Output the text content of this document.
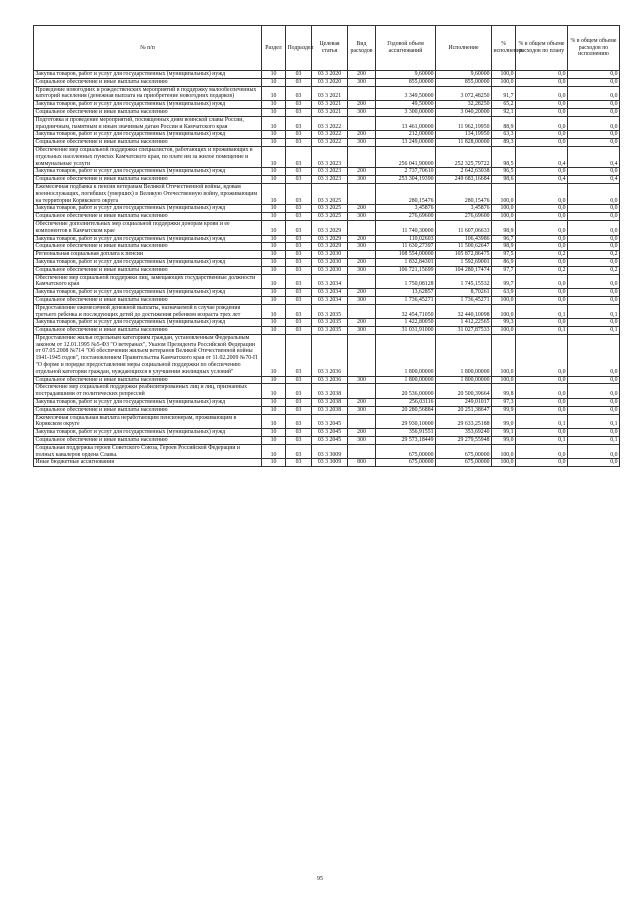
№ п/п	Раздел	Подраздел	Целевая статья	Вид расходов	Годовой объем ассигнований	Исполнение	% исполнения	% в общем объеме расходов по плану	% в общем объеме расходов по исполнению
Закупка товаров, работ и услуг для государственных (муниципальных) нужд	10	03	03 3 2020	200	9,60000	9,60000	100,0	0,0	0,0
Социальное обеспечение и иные выплаты населению	10	03	03 3 2020	300	855,00000	855,00000	100,0	0,0	0,0
Проведение новогодних и рождественских мероприятий в поддержку малообеспеченных категорий населения (денежная выплата на приобретение новогодних подарков)	10	03	03 3 2021		3 349,50000	3 072,48250	91,7	0,0	0,0
Закупка товаров, работ и услуг для государственных (муниципальных) нужд	10	03	03 3 2021	200	49,50000	32,28250	65,2	0,0	0,0
Социальное обеспечение и иные выплаты населению	10	03	03 3 2021	300	3 300,00000	3 040,20000	92,1	0,0	0,0
Подготовка и проведение мероприятий, посвященных дням воинской славы России, праздничным, памятным и иным значимым датам России и Камчатского края	10	03	03 3 2022		13 461,00000	11 962,19950	88,9	0,0	0,0
Закупка товаров, работ и услуг для государственных (муниципальных) нужд	10	03	03 3 2022	200	212,00000	134,19950	63,3	0,0	0,0
Социальное обеспечение и иные выплаты населению	10	03	03 3 2022	300	13 249,00000	11 828,00000	89,3	0,0	0,0
Обеспечение мер социальной поддержки специалистов, работающих и проживающих в отдельных населенных пунктах Камчатского края, по плате им за жилое помещение и коммунальные услуги	10	03	03 3 2023		256 041,90000	252 325,79722	98,5	0,4	0,4
Закупка товаров, работ и услуг для государственных (муниципальных) нужд	10	03	03 3 2023	200	2 737,70610	2 642,63038	96,5	0,0	0,0
Социальное обеспечение и иные выплаты населению	10	03	03 3 2023	300	253 304,19390	249 683,16684	98,6	0,4	0,4
Ежемесячная подбавка к пенсии ветеранам Великой Отечественной войны, вдовам военнослужащих, погибших (умерших) в Великую Отечественную войну, проживающим на территории Корякского округа	10	03	03 3 2025		280,15476	280,15476	100,0	0,0	0,0
Закупка товаров, работ и услуг для государственных (муниципальных) нужд	10	03	03 3 2025	200	3,45876	3,45876	100,0	0,0	0,0
Социальное обеспечение и иные выплаты населению	10	03	03 3 2025	300	276,69600	276,69600	100,0	0,0	0,0
Обеспечение дополнительных мер социальной поддержки донорам крови и ее компонентов в Камчатском крае	10	03	03 3 2029		11 740,30000	11 607,06633	98,9	0,0	0,0
Закупка товаров, работ и услуг для государственных (муниципальных) нужд	10	03	03 3 2029	200	110,02603	106,43986	96,7	0,0	0,0
Социальное обеспечение и иные выплаты населению	10	03	03 3 2029	300	11 630,27397	11 500,62647	98,9	0,0	0,0
Региональная социальная доплата к пенсии	10	03	03 3 2030		108 554,00000	105 872,86475	97,5	0,2	0,2
Закупка товаров, работ и услуг для государственных (муниципальных) нужд	10	03	03 3 2030	200	1 832,84301	1 592,69001	86,9	0,0	0,0
Социальное обеспечение и иные выплаты населению	10	03	03 3 2030	300	106 721,15699	104 280,17474	97,7	0,2	0,2
Обеспечение мер социальной поддержки лиц, замещающих государственные должности Камчатского края	10	03	03 3 2034		1 750,08128	1 745,15532	99,7	0,0	0,0
Закупка товаров, работ и услуг для государственных (муниципальных) нужд	10	03	03 3 2034	200	13,62857	8,70261	63,9	0,0	0,0
Социальное обеспечение и иные выплаты населению	10	03	03 3 2034	300	1 736,45271	1 736,45271	100,0	0,0	0,0
Предоставление ежемесячной денежной выплаты, назначаемой в случае рождения третьего ребенка и последующих детей до достижения ребенком возраста трех лет	10	03	03 3 2035		32 454,71050	32 440,10098	100,0	0,1	0,1
Закупка товаров, работ и услуг для государственных (муниципальных) нужд	10	03	03 3 2035	200	1 422,80050	1 412,22565	99,3	0,0	0,0
Социальное обеспечение и иные выплаты населению	10	03	03 3 2035	300	31 031,91000	31 027,87533	100,0	0,1	0,1
Предоставление жилья отдельным категориям граждан, установленным Федеральным законом от 12.01.1995 №5-ФЗ "О ветеранах", Указом Президента Российской Федерации от 07.05.2008 №714 "Об обеспечении жильем ветеранов Великой Отечественной войны 1941-1945 годов", постановлением Правительства Камчатского края от 11.02.2009 №70-П "О форме и порядке предоставления меры социальной поддержки по обеспечению отдельной категории граждан, нуждающихся в улучшении жилищных условий"	10	03	03 3 2036		1 800,00000	1 800,00000	100,0	0,0	0,0
Социальное обеспечение и иные выплаты населению	10	03	03 3 2036	300	1 800,00000	1 800,00000	100,0	0,0	0,0
Обеспечение мер социальной поддержки реабилитированных лиц и лиц, признанных пострадавшими от политических репрессий	10	03	03 3 2038		20 536,00000	20 500,39664	99,8	0,0	0,0
Закупка товаров, работ и услуг для государственных (муниципальных) нужд	10	03	03 3 2038	200	256,03116	249,01017	97,3	0,0	0,0
Социальное обеспечение и иные выплаты населению	10	03	03 3 2038	300	20 280,56884	20 251,38647	99,9	0,0	0,0
Ежемесячная социальная выплата неработающим пенсионерам, проживающим в Корякском округе	10	03	03 3 2045		29 930,10000	29 633,25188	99,0	0,1	0,1
Закупка товаров, работ и услуг для государственных (муниципальных) нужд	10	03	03 3 2045	200	356,91551	353,69240	99,1	0,0	0,0
Социальное обеспечение и иные выплаты населению	10	03	03 3 2045	300	29 573,18449	29 279,55948	99,0	0,1	0,1
Социальная поддержка героев Советского Союза, Героев Российской Федерации и полных кавалеров ордена Славы.	10	03	03 3 3009		675,00000	675,00000	100,0	0,0	0,0
Иные бюджетные ассигнования	10	03	03 3 3009	800	675,00000	675,00000	100,0	0,0	0,0
95
